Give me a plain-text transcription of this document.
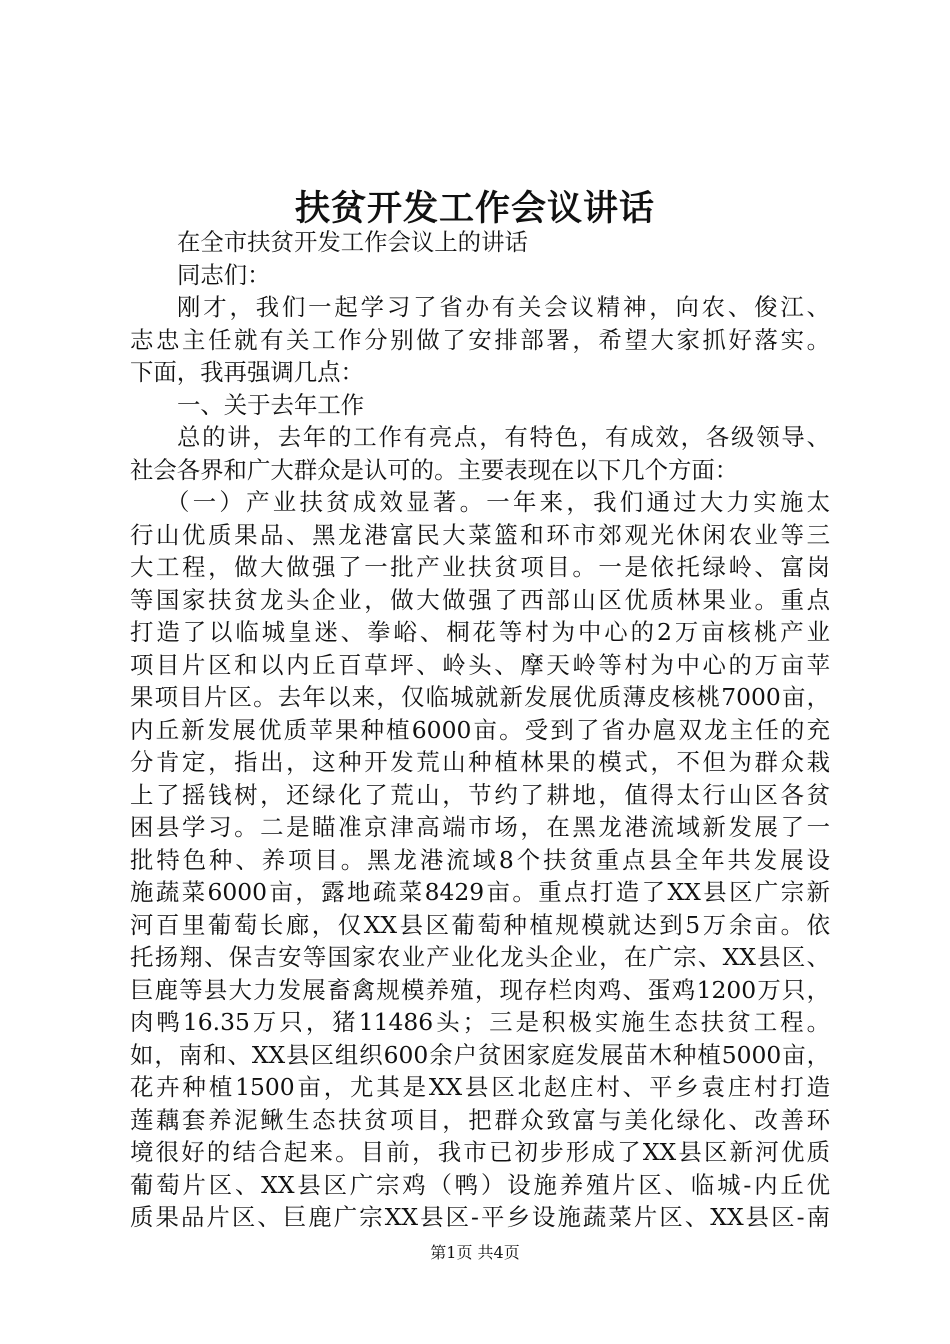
扶贫开发工作会议讲话
在全市扶贫开发工作会议上的讲话
同志们：
刚才，我们一起学习了省办有关会议精神，向农、俊江、
志忠主任就有关工作分别做了安排部署，希望大家抓好落实。
下面，我再强调几点：
一、关于去年工作
总的讲，去年的工作有亮点，有特色，有成效，各级领导、
社会各界和广大群众是认可的。主要表现在以下几个方面：
（一）产业扶贫成效显著。一年来，我们通过大力实施太
行山优质果品、黑龙港富民大菜篮和环市郊观光休闲农业等三
大工程，做大做强了一批产业扶贫项目。一是依托绿岭、富岗
等国家扶贫龙头企业，做大做强了西部山区优质林果业。重点
打造了以临城皇迷、拳峪、桐花等村为中心的2万亩核桃产业
项目片区和以内丘百草坪、岭头、摩天岭等村为中心的万亩苹
果项目片区。去年以来，仅临城就新发展优质薄皮核桃7000亩，
内丘新发展优质苹果种植6000亩。受到了省办扈双龙主任的充
分肯定，指出，这种开发荒山种植林果的模式，不但为群众栽
上了摇钱树，还绿化了荒山，节约了耕地，值得太行山区各贫
困县学习。二是瞄准京津高端市场，在黑龙港流域新发展了一
批特色种、养项目。黑龙港流域8个扶贫重点县全年共发展设
施蔬菜6000亩，露地疏菜8429亩。重点打造了XX县区广宗新
河百里葡萄长廊，仅XX县区葡萄种植规模就达到5万余亩。依
托扬翔、保吉安等国家农业产业化龙头企业，在广宗、XX县区、
巨鹿等县大力发展畜禽规模养殖，现存栏肉鸡、蛋鸡1200万只，
肉鸭16.35万只，猪11486头；三是积极实施生态扶贫工程。
如，南和、XX县区组织600余户贫困家庭发展苗木种植5000亩，
花卉种植1500亩，尤其是XX县区北赵庄村、平乡袁庄村打造
莲藕套养泥鳅生态扶贫项目，把群众致富与美化绿化、改善环
境很好的结合起来。目前，我市已初步形成了XX县区新河优质
葡萄片区、XX县区广宗鸡（鸭）设施养殖片区、临城-内丘优
质果品片区、巨鹿广宗XX县区-平乡设施蔬菜片区、XX县区-南
第1页 共4页
